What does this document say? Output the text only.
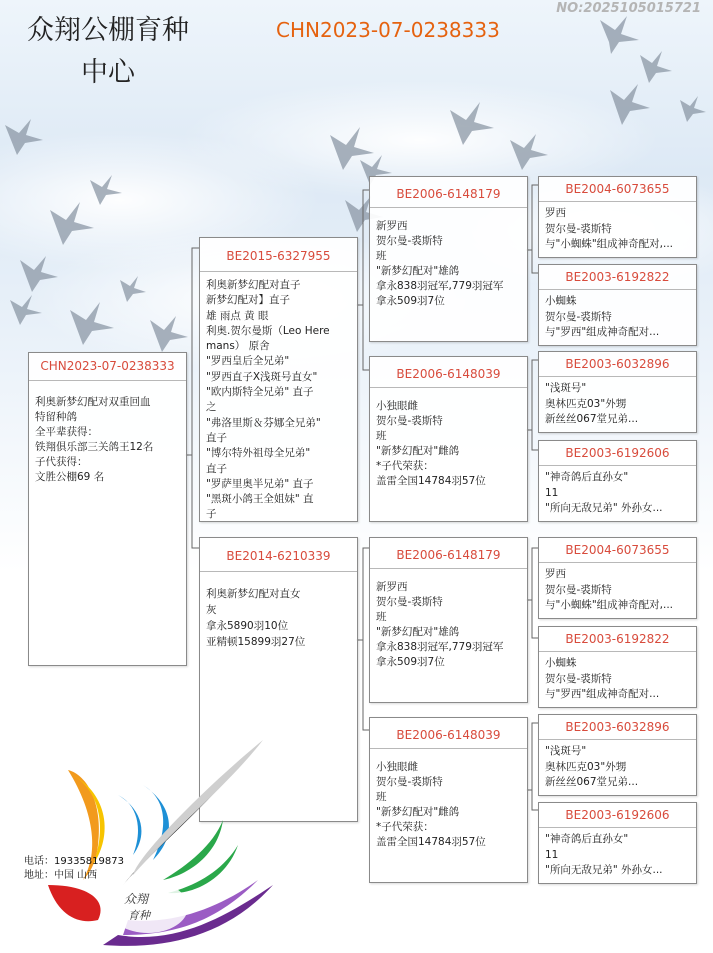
众翔公棚育种
中心
CHN2023-07-0238333
NO:2025105015721
CHN2023-07-0238333
利奥新梦幻配对双重回血
特留种鸽
全平辈获得：
铁翔俱乐部三关鸽王12名
子代获得：
文胜公棚69 名
BE2015-6327955
利奥新梦幻配对直子
新梦幻配对】直子
雄 雨点 黄 眼
利奥.贺尔曼斯（Leo Here
mans） 原舍
"罗西皇后全兄弟"
"罗西直子X浅斑号直女"
"欧内斯特全兄弟" 直子
之
"弗洛里斯＆芬娜全兄弟"
直子
"博尔特外祖母全兄弟"
直子
"罗萨里奥半兄弟" 直子
"黑斑小鸽王全姐妹" 直
子
BE2014-6210339
利奥新梦幻配对直女
灰
拿永5890羽10位
亚精顿15899羽27位
BE2006-6148179
新罗西
贺尔曼-裘斯特
班
"新梦幻配对"雄鸽
拿永838羽冠军,779羽冠军
拿永509羽7位
BE2006-6148039
小独眼雌
贺尔曼-裘斯特
班
"新梦幻配对"雌鸽
*子代荣获：
盖雷全国14784羽57位
BE2006-6148179
新罗西
贺尔曼-裘斯特
班
"新梦幻配对"雄鸽
拿永838羽冠军,779羽冠军
拿永509羽7位
BE2006-6148039
小独眼雌
贺尔曼-裘斯特
班
"新梦幻配对"雌鸽
*子代荣获：
盖雷全国14784羽57位
BE2004-6073655
罗西
贺尔曼-裘斯特
与"小蜘蛛"组成神奇配对,...
BE2003-6192822
小蜘蛛
贺尔曼-裘斯特
与"罗西"组成神奇配对...
BE2003-6032896
"浅斑号"
奥林匹克03"外甥
新丝丝067堂兄弟...
BE2003-6192606
"神奇鸽后直孙女"
11
"所向无敌兄弟" 外孙女...
BE2004-6073655
罗西
贺尔曼-裘斯特
与"小蜘蛛"组成神奇配对,...
BE2003-6192822
小蜘蛛
贺尔曼-裘斯特
与"罗西"组成神奇配对...
BE2003-6032896
"浅斑号"
奥林匹克03"外甥
新丝丝067堂兄弟...
BE2003-6192606
"神奇鸽后直孙女"
11
"所向无敌兄弟" 外孙女...
众翔
育种
电话：19335819873
地址：中国 山西
